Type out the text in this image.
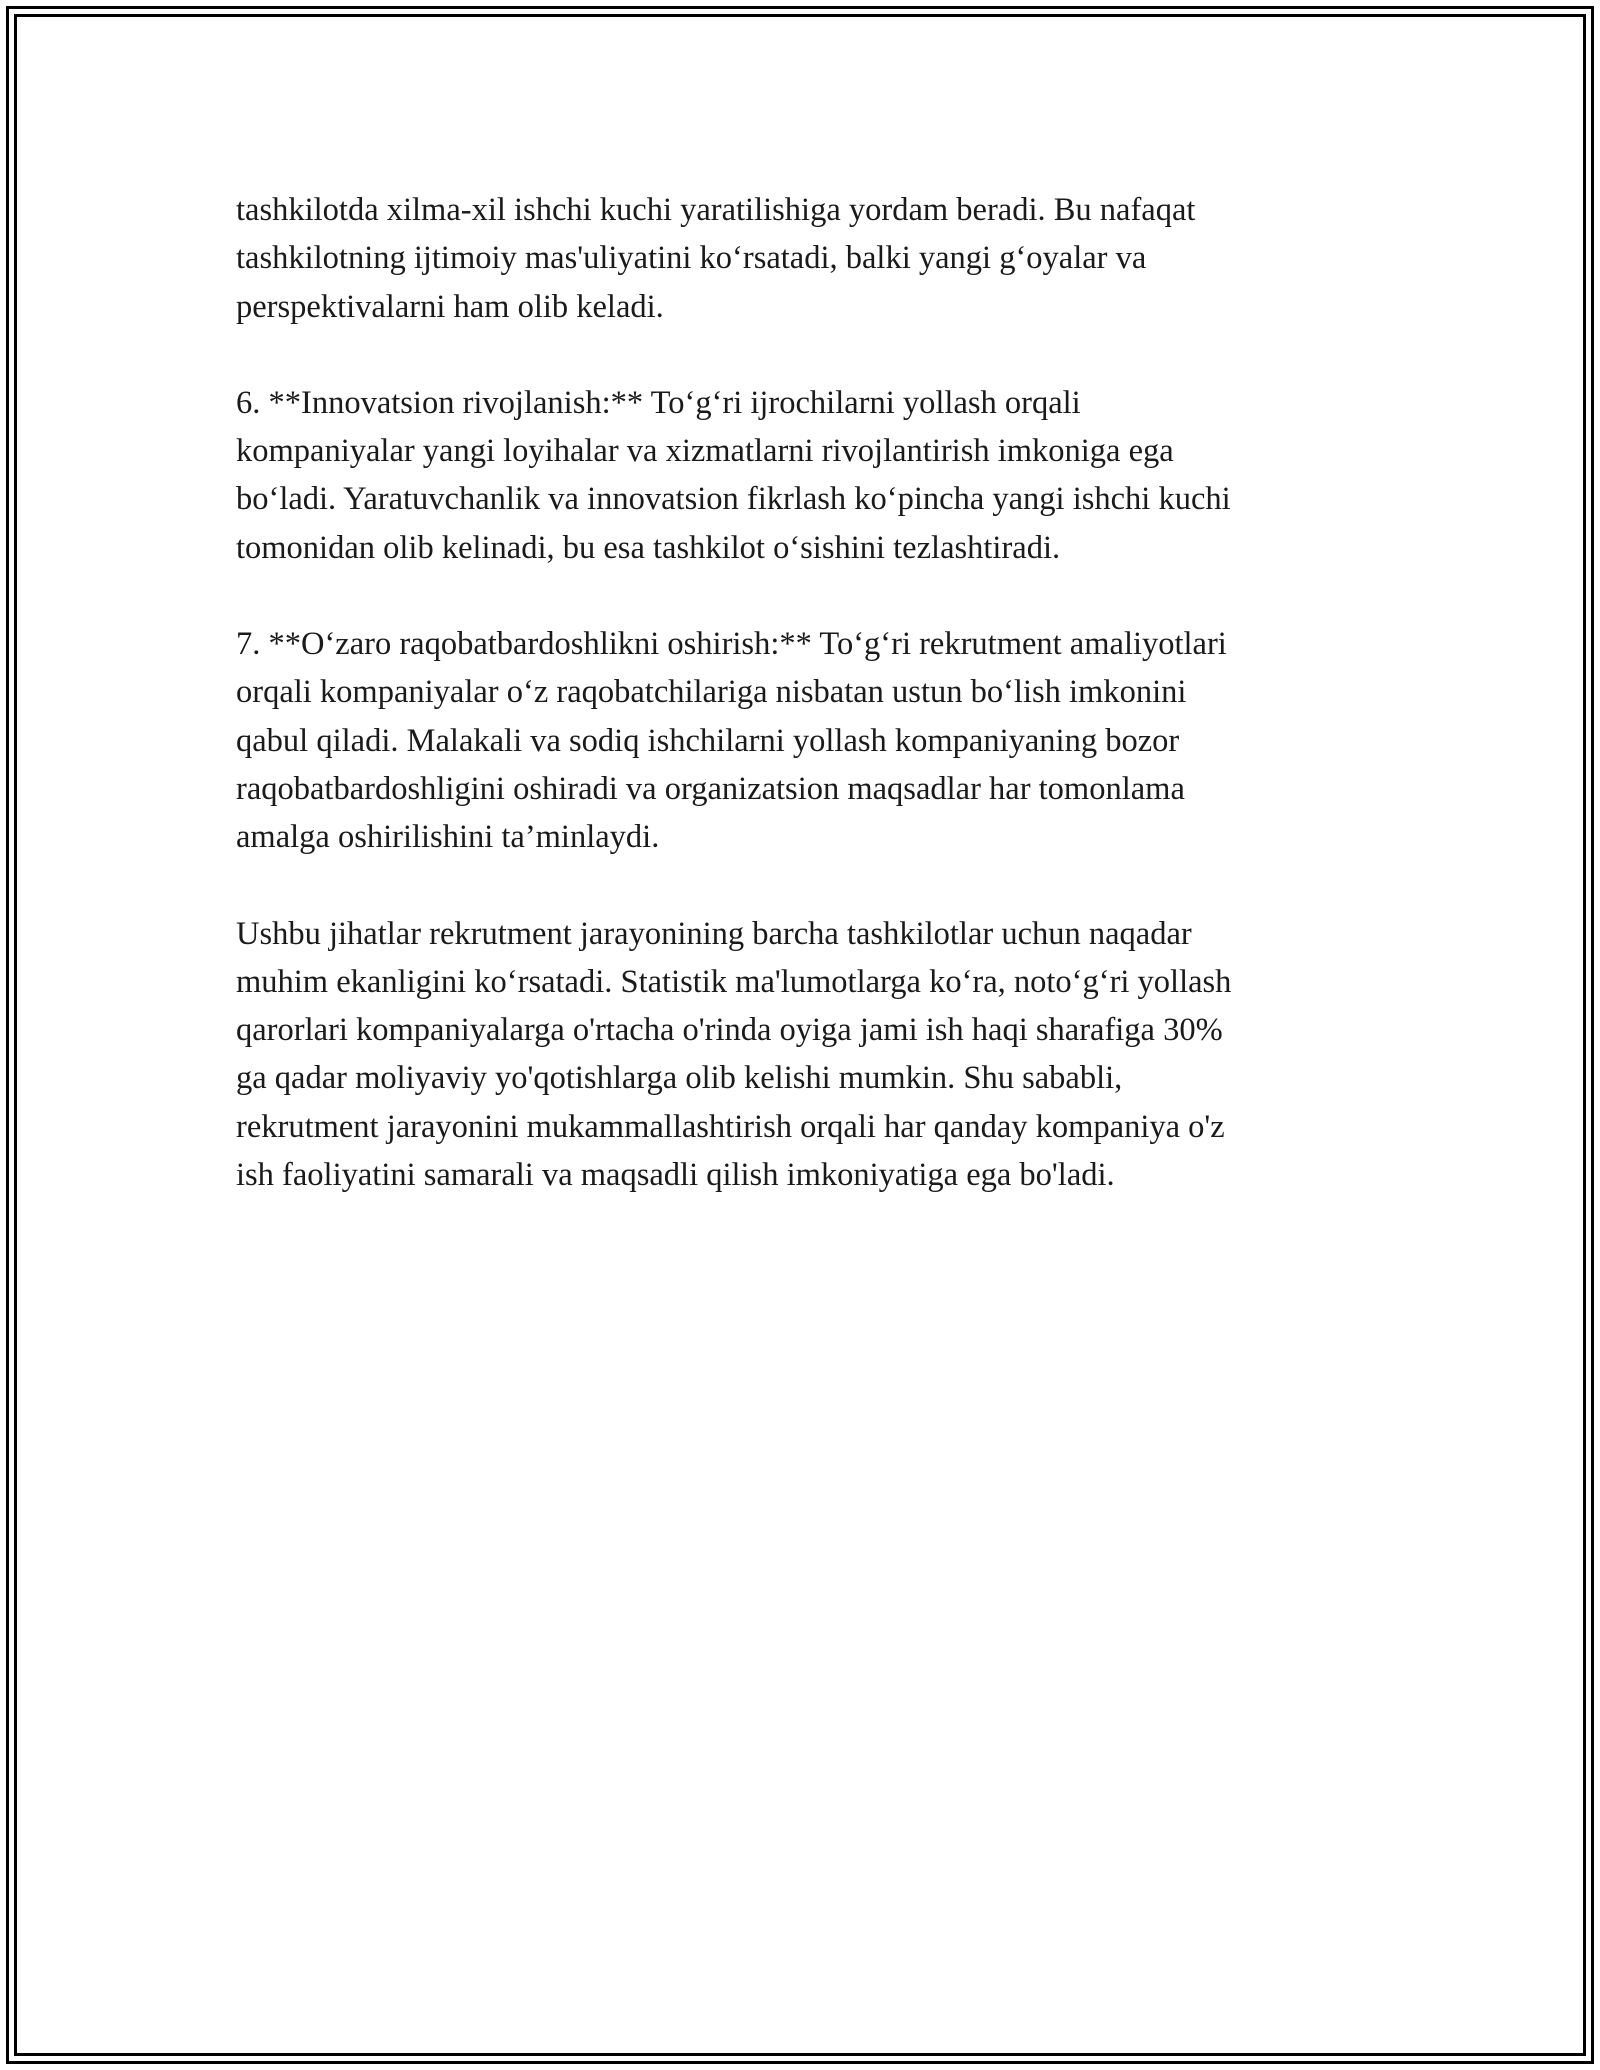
tashkilotda xilma-xil ishchi kuchi yaratilishiga yordam beradi. Bu nafaqat
tashkilotning ijtimoiy mas'uliyatini ko‘rsatadi, balki yangi g‘oyalar va
perspektivalarni ham olib keladi.

6. **Innovatsion rivojlanish:** To‘g‘ri ijrochilarni yollash orqali
kompaniyalar yangi loyihalar va xizmatlarni rivojlantirish imkoniga ega
bo‘ladi. Yaratuvchanlik va innovatsion fikrlash ko‘pincha yangi ishchi kuchi
tomonidan olib kelinadi, bu esa tashkilot o‘sishini tezlashtiradi.

7. **O‘zaro raqobatbardoshlikni oshirish:** To‘g‘ri rekrutment amaliyotlari
orqali kompaniyalar o‘z raqobatchilariga nisbatan ustun bo‘lish imkonini
qabul qiladi. Malakali va sodiq ishchilarni yollash kompaniyaning bozor
raqobatbardoshligini oshiradi va organizatsion maqsadlar har tomonlama
amalga oshirilishini ta’minlaydi.

Ushbu jihatlar rekrutment jarayonining barcha tashkilotlar uchun naqadar
muhim ekanligini ko‘rsatadi. Statistik ma'lumotlarga ko‘ra, noto‘g‘ri yollash
qarorlari kompaniyalarga o'rtacha o'rinda oyiga jami ish haqi sharafiga 30%
ga qadar moliyaviy yo'qotishlarga olib kelishi mumkin. Shu sababli,
rekrutment jarayonini mukammallashtirish orqali har qanday kompaniya o'z
ish faoliyatini samarali va maqsadli qilish imkoniyatiga ega bo'ladi.
